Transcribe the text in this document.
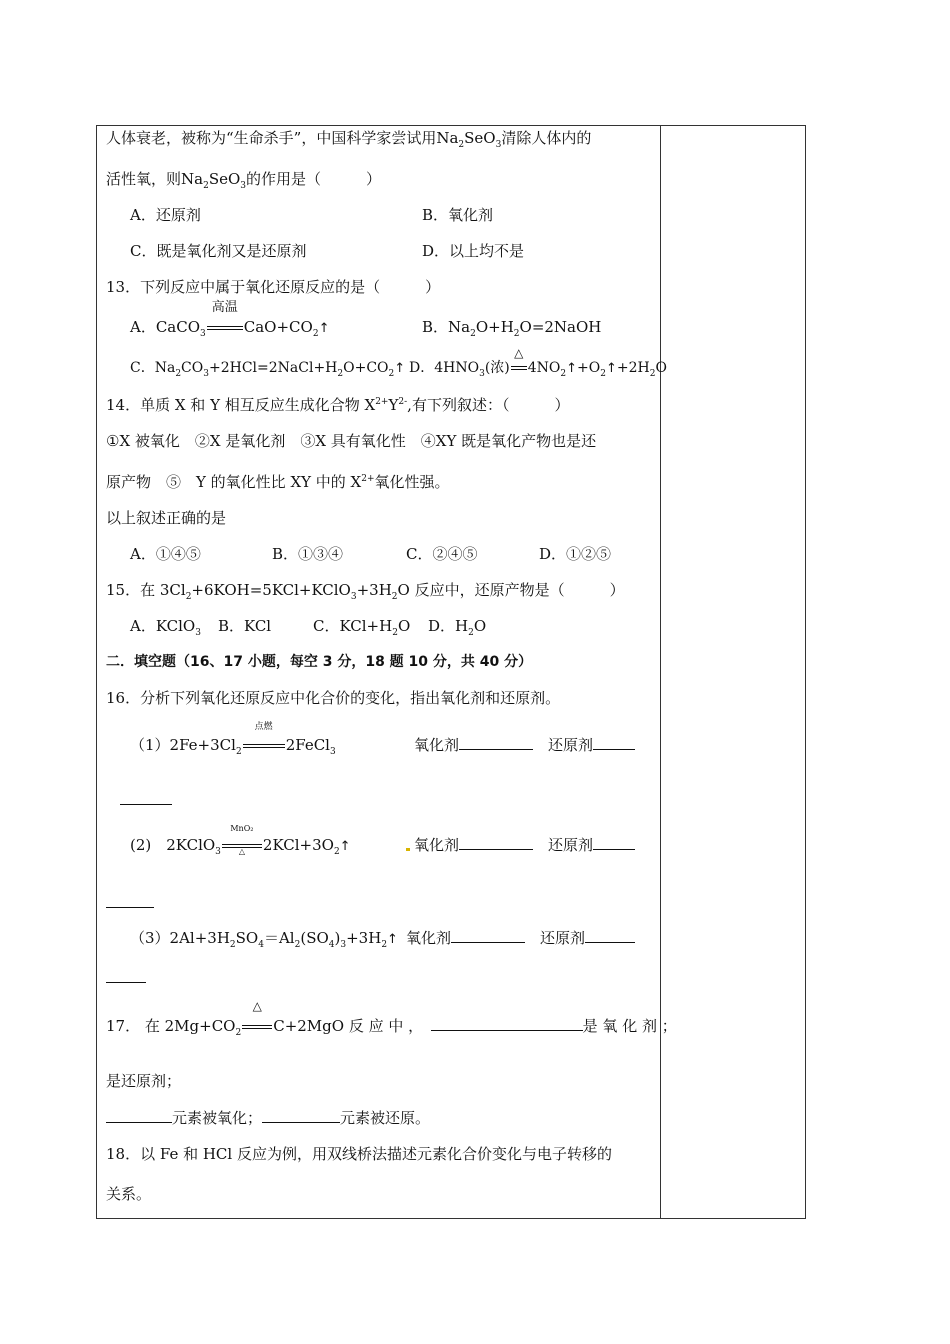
人体衰老，被称为“生命杀手”，中国科学家尝试用$Na_2SeO_3$清除人体内的
活性氧，则$Na_2SeO_3$的作用是（　　　）
A．还原剂	B．氧化剂
C．既是氧化剂又是还原剂	D．以上均不是
13．下列反应中属于氧化还原反应的是（　　　）
A．CaCO$_3$
高温
$CaO+CO_2↑$	B．$Na_2O+H_2O=2NaOH$
C．$Na_2CO_3+2HCl=2NaCl+H_2O+CO_2↑$ D．$4HNO_3$(浓)
△
$4NO_2↑+O_2↑+2H_2O$
14．单质 X 和 Y 相互反应生成化合物 $X^{2+}Y^{2-}$,有下列叙述：（　　　）
①X 被氧化　②X 是氧化剂　③X 具有氧化性　④XY 既是氧化产物也是还
原产物　⑤　Y 的氧化性比 XY 中的 $X^{2+}$氧化性强。
以上叙述正确的是
A．①④⑤	B．①③④	C．②④⑤	D．①②⑤
15．在 $3Cl_2+6KOH=5KCl+KClO_3+3H_2O$ 反应中，还原产物是（　　　）
A．KClO$_3$ B．KCl	C．$KCl+H_2O$ D．$H_2O$
二．填空题（16、17 小题，每空 3 分，18 题 10 分，共 40 分）
16．分析下列氧化还原反应中化合价的变化，指出氧化剂和还原剂。
$(1)2Fe+3Cl_2$
点燃
2FeCl$_3$	氧化剂　	还原剂
(2)　2KClO$_3$
MnO₂
△	$2KCl+3O_2↑$	氧化剂　	还原剂
$(3)2Al+3H_2SO_4=Al_2(SO_4)_3+3H_2↑$ 氧化剂　	还原剂
17． 在 $2Mg+CO_2$
△
C+2MgO 反 应 中 ，　	是 氧 化 剂 ；
是还原剂；
元素被氧化；	元素被还原。
18．以 Fe 和 HCl 反应为例，用双线桥法描述元素化合价变化与电子转移的
关系。
